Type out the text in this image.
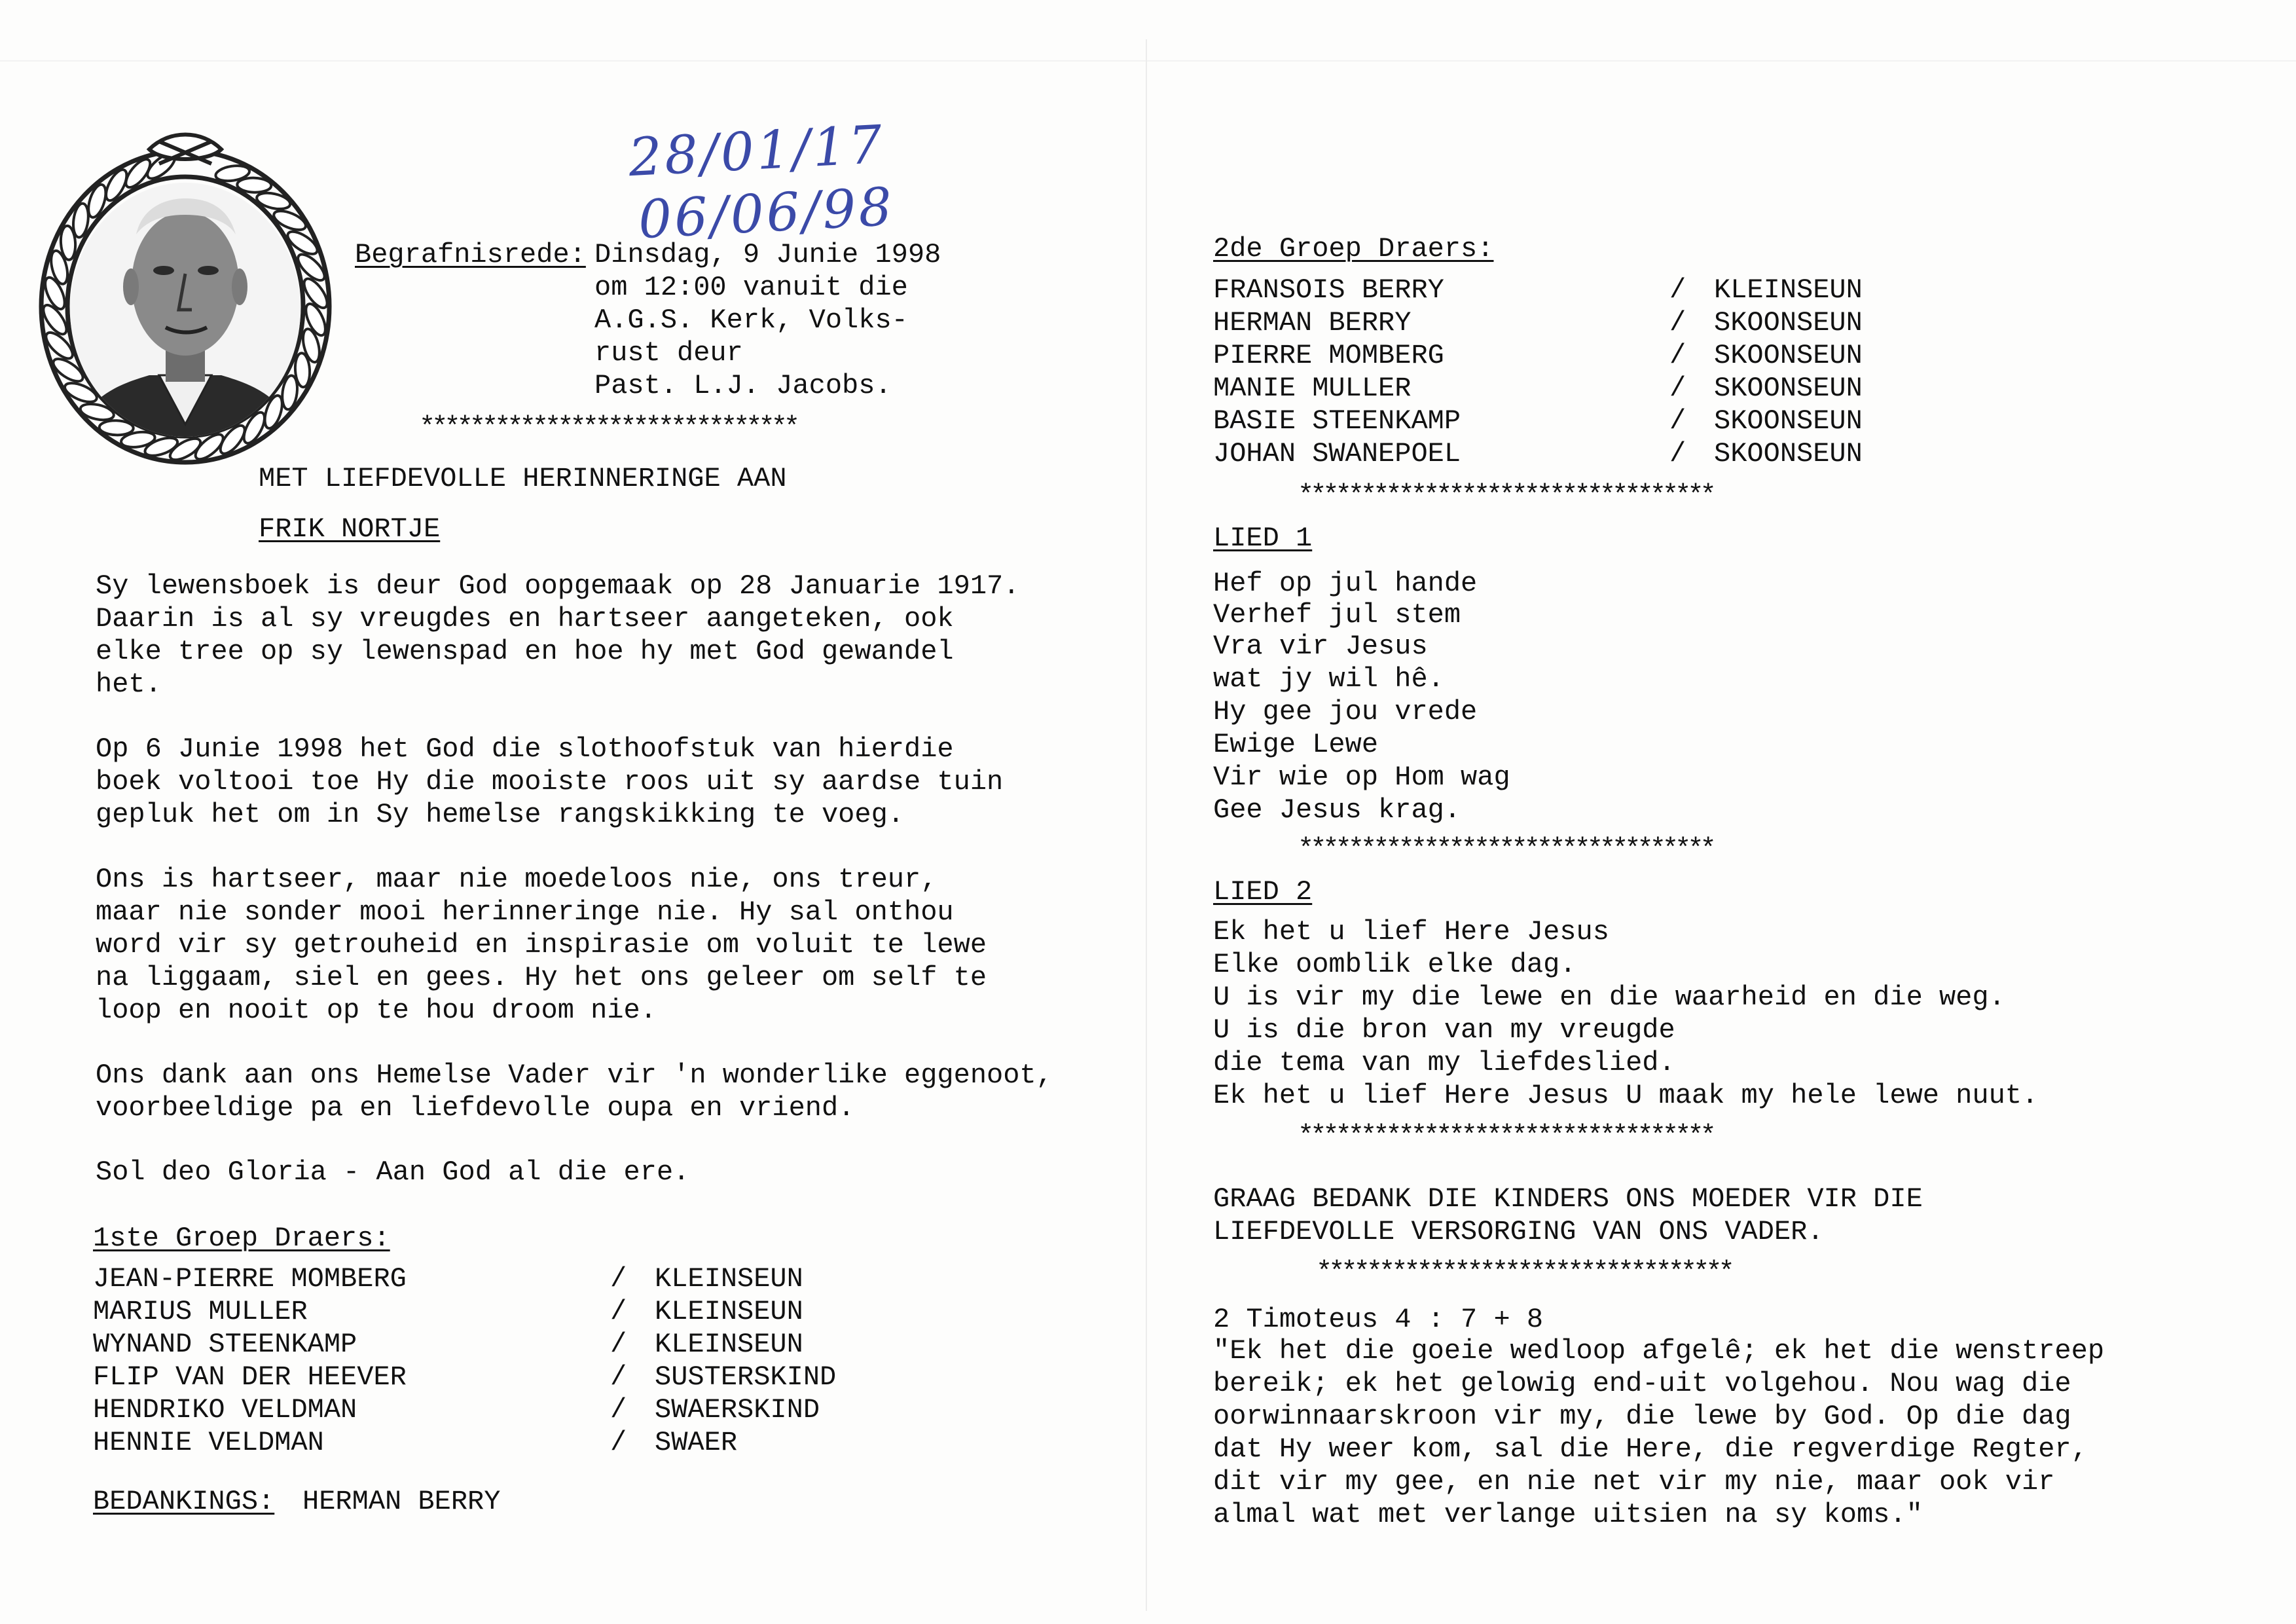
28/01/17
06/06/98
Begrafnisrede: Dinsdag, 9 Junie 1998
om 12:00 vanuit die
A.G.S. Kerk, Volks-
rust deur
Past. L.J. Jacobs.
******************************
MET LIEFDEVOLLE HERINNERINGE AAN
FRIK NORTJE
Sy lewensboek is deur God oopgemaak op 28 Januarie 1917.
Daarin is al sy vreugdes en hartseer aangeteken, ook
elke tree op sy lewenspad en hoe hy met God gewandel
het.
Op 6 Junie 1998 het God die slothoofstuk van hierdie
boek voltooi toe Hy die mooiste roos uit sy aardse tuin
gepluk het om in Sy hemelse rangskikking te voeg.
Ons is hartseer, maar nie moedeloos nie, ons treur,
maar nie sonder mooi herinneringe nie. Hy sal onthou
word vir sy getrouheid en inspirasie om voluit te lewe
na liggaam, siel en gees. Hy het ons geleer om self te
loop en nooit op te hou droom nie.
Ons dank aan ons Hemelse Vader vir 'n wonderlike eggenoot,
voorbeeldige pa en liefdevolle oupa en vriend.
Sol deo Gloria - Aan God al die ere.
1ste Groep Draers:
JEAN-PIERRE MOMBERG	/ KLEINSEUN
MARIUS MULLER	/ KLEINSEUN
WYNAND STEENKAMP	/ KLEINSEUN
FLIP VAN DER HEEVER	/ SUSTERSKIND
HENDRIKO VELDMAN	/ SWAERSKIND
HENNIE VELDMAN	/ SWAER
BEDANKINGS: HERMAN BERRY
2de Groep Draers:
FRANSOIS BERRY	/ KLEINSEUN
HERMAN BERRY	/ SKOONSEUN
PIERRE MOMBERG	/ SKOONSEUN
MANIE MULLER	/ SKOONSEUN
BASIE STEENKAMP	/ SKOONSEUN
JOHAN SWANEPOEL	/ SKOONSEUN
*********************************
LIED 1
Hef op jul hande
Verhef jul stem
Vra vir Jesus
wat jy wil hê.
Hy gee jou vrede
Ewige Lewe
Vir wie op Hom wag
Gee Jesus krag.
*********************************
LIED 2
Ek het u lief Here Jesus
Elke oomblik elke dag.
U is vir my die lewe en die waarheid en die weg.
U is die bron van my vreugde
die tema van my liefdeslied.
Ek het u lief Here Jesus U maak my hele lewe nuut.
*********************************
GRAAG BEDANK DIE KINDERS ONS MOEDER VIR DIE
LIEFDEVOLLE VERSORGING VAN ONS VADER.
*********************************
2 Timoteus 4 : 7 + 8
"Ek het die goeie wedloop afgelê; ek het die wenstreep
bereik; ek het gelowig end-uit volgehou. Nou wag die
oorwinnaarskroon vir my, die lewe by God. Op die dag
dat Hy weer kom, sal die Here, die regverdige Regter,
dit vir my gee, en nie net vir my nie, maar ook vir
almal wat met verlange uitsien na sy koms."
